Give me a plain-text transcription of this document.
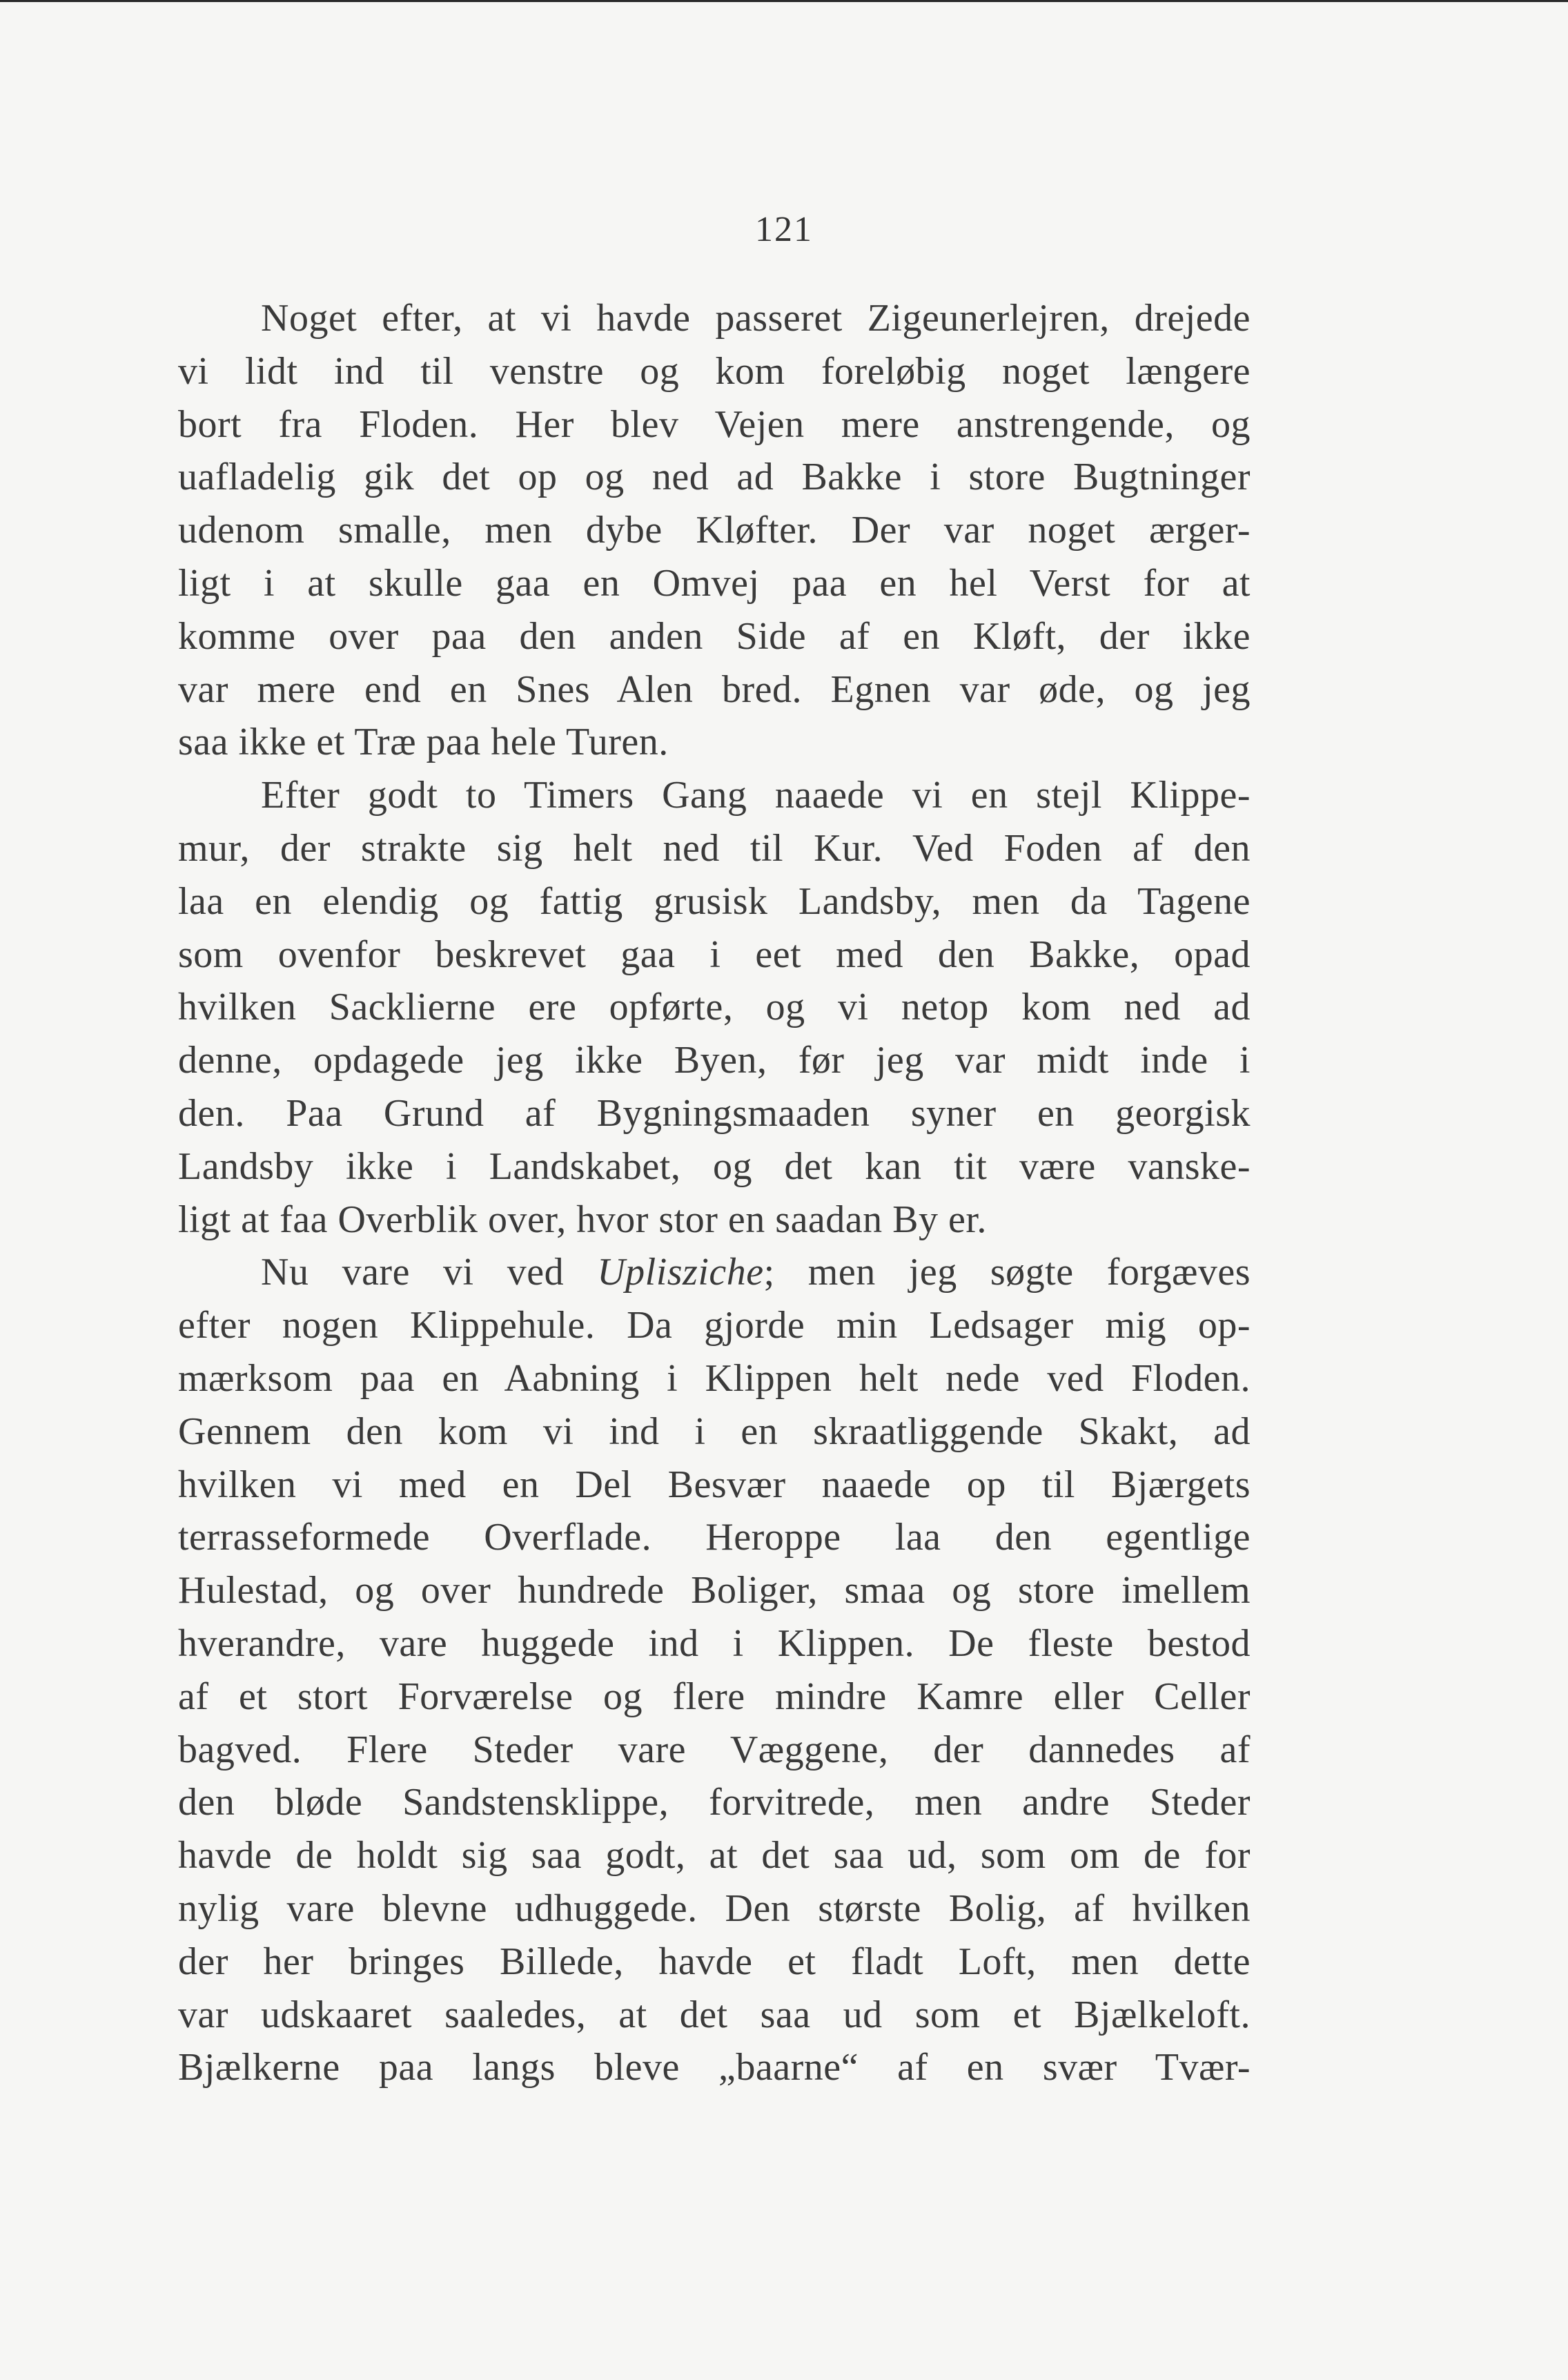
121
Noget efter, at vi havde passeret Zigeunerlejren, drejede
vi lidt ind til venstre og kom foreløbig noget længere
bort fra Floden. Her blev Vejen mere anstrengende, og
uafladelig gik det op og ned ad Bakke i store Bugtninger
udenom smalle, men dybe Kløfter. Der var noget ærger-
ligt i at skulle gaa en Omvej paa en hel Verst for at
komme over paa den anden Side af en Kløft, der ikke
var mere end en Snes Alen bred. Egnen var øde, og jeg
saa ikke et Træ paa hele Turen.
Efter godt to Timers Gang naaede vi en stejl Klippe-
mur, der strakte sig helt ned til Kur. Ved Foden af den
laa en elendig og fattig grusisk Landsby, men da Tagene
som ovenfor beskrevet gaa i eet med den Bakke, opad
hvilken Sacklierne ere opførte, og vi netop kom ned ad
denne, opdagede jeg ikke Byen, før jeg var midt inde i
den. Paa Grund af Bygningsmaaden syner en georgisk
Landsby ikke i Landskabet, og det kan tit være vanske-
ligt at faa Overblik over, hvor stor en saadan By er.
Nu vare vi ved Uplisziche; men jeg søgte forgæves
efter nogen Klippehule. Da gjorde min Ledsager mig op-
mærksom paa en Aabning i Klippen helt nede ved Floden.
Gennem den kom vi ind i en skraatliggende Skakt, ad
hvilken vi med en Del Besvær naaede op til Bjærgets
terrasseformede Overflade. Heroppe laa den egentlige
Hulestad, og over hundrede Boliger, smaa og store imellem
hverandre, vare huggede ind i Klippen. De fleste bestod
af et stort Forværelse og flere mindre Kamre eller Celler
bagved. Flere Steder vare Væggene, der dannedes af
den bløde Sandstensklippe, forvitrede, men andre Steder
havde de holdt sig saa godt, at det saa ud, som om de for
nylig vare blevne udhuggede. Den største Bolig, af hvilken
der her bringes Billede, havde et fladt Loft, men dette
var udskaaret saaledes, at det saa ud som et Bjælkeloft.
Bjælkerne paa langs bleve „baarne“ af en svær Tvær-
